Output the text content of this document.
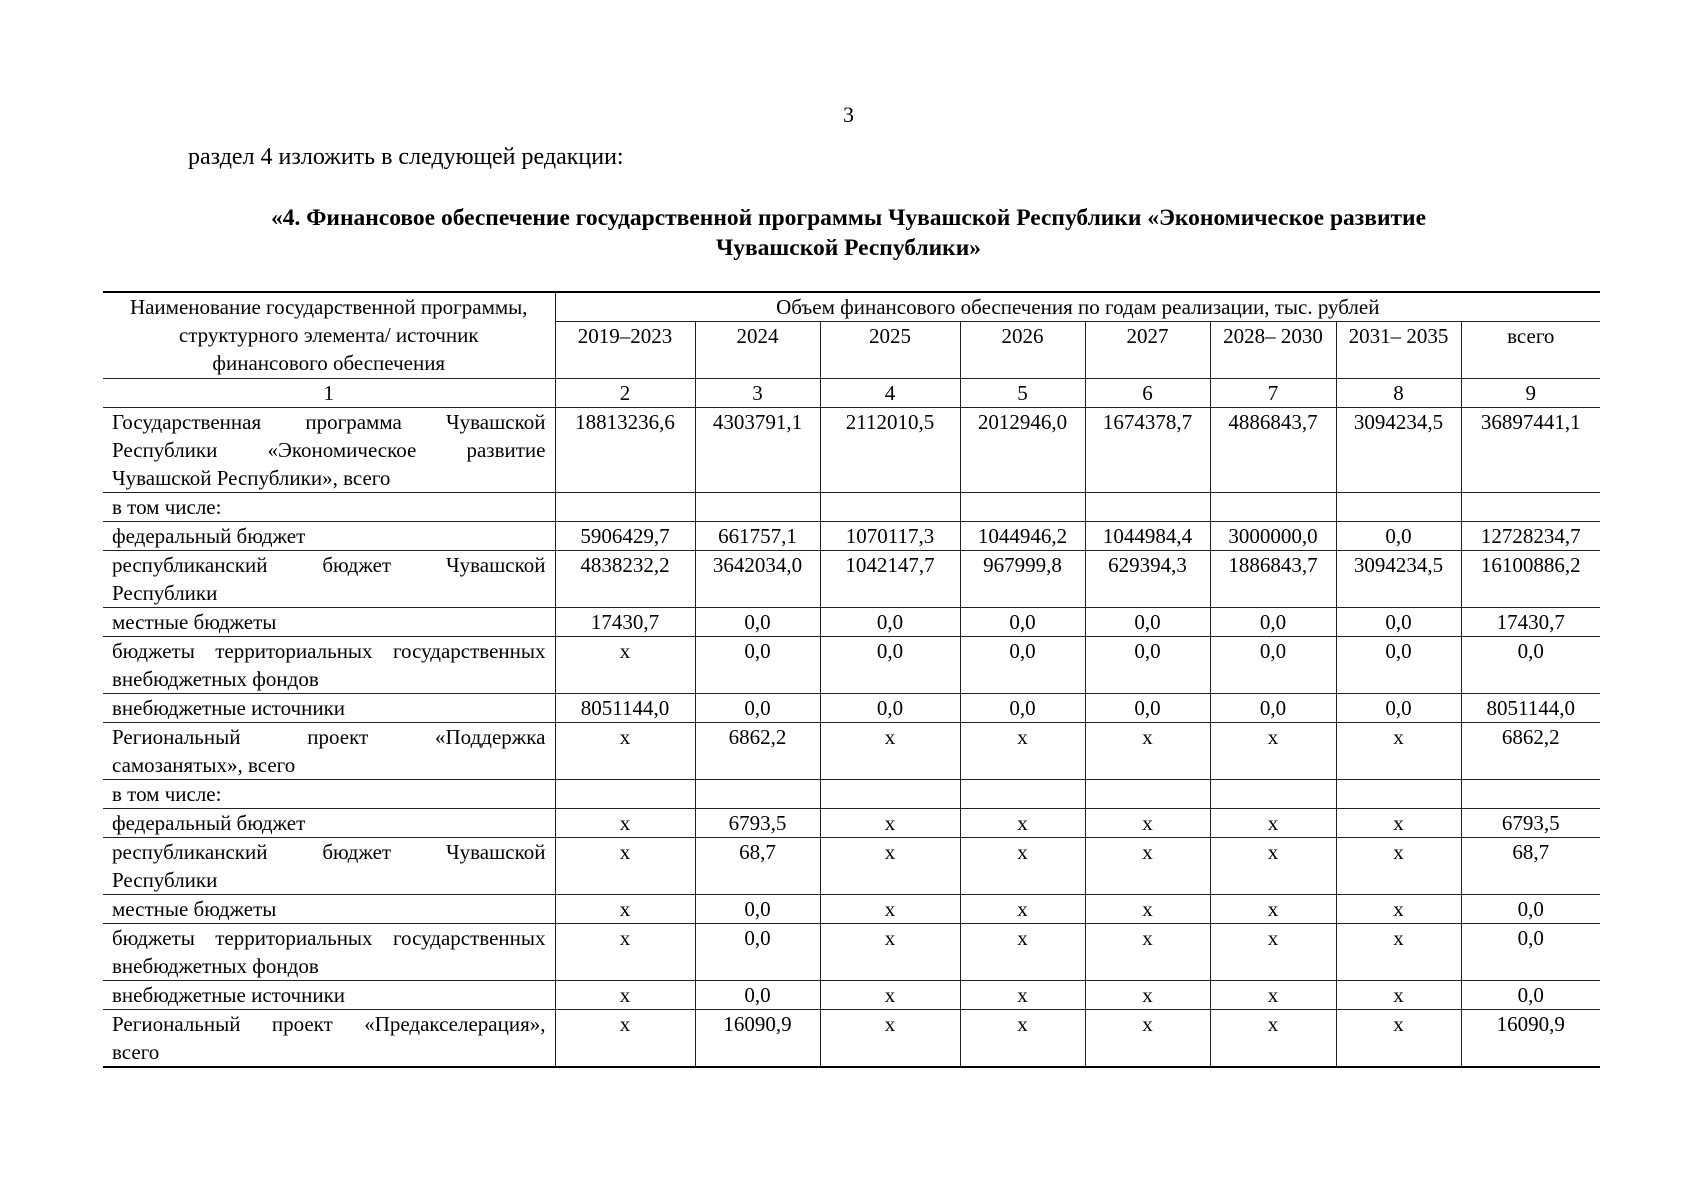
3
раздел 4 изложить в следующей редакции:
«4. Финансовое обеспечение государственной программы Чувашской Республики «Экономическое развитие
Чувашской Республики»
Наименование государственной программы, структурного элемента/ источник финансового обеспечения	Объем финансового обеспечения по годам реализации, тыс. рублей							
	2019–2023	2024	2025	2026	2027	2028– 2030	2031– 2035	всего
1	2	3	4	5	6	7	8	9
Государственная программа Чувашской Республики «Экономическое развитие Чувашской Республики», всего	18813236,6	4303791,1	2112010,5	2012946,0	1674378,7	4886843,7	3094234,5	36897441,1
в том числе:								
федеральный бюджет	5906429,7	661757,1	1070117,3	1044946,2	1044984,4	3000000,0	0,0	12728234,7
республиканский бюджет Чувашской Республики	4838232,2	3642034,0	1042147,7	967999,8	629394,3	1886843,7	3094234,5	16100886,2
местные бюджеты	17430,7	0,0	0,0	0,0	0,0	0,0	0,0	17430,7
бюджеты территориальных государственных внебюджетных фондов	х	0,0	0,0	0,0	0,0	0,0	0,0	0,0
внебюджетные источники	8051144,0	0,0	0,0	0,0	0,0	0,0	0,0	8051144,0
Региональный проект «Поддержка самозанятых», всего	х	6862,2	х	х	х	х	х	6862,2
в том числе:								
федеральный бюджет	х	6793,5	х	х	х	х	х	6793,5
республиканский бюджет Чувашской Республики	х	68,7	х	х	х	х	х	68,7
местные бюджеты	х	0,0	х	х	х	х	х	0,0
бюджеты территориальных государственных внебюджетных фондов	х	0,0	х	х	х	х	х	0,0
внебюджетные источники	х	0,0	х	х	х	х	х	0,0
Региональный проект «Предакселерация», всего	х	16090,9	х	х	х	х	х	16090,9
